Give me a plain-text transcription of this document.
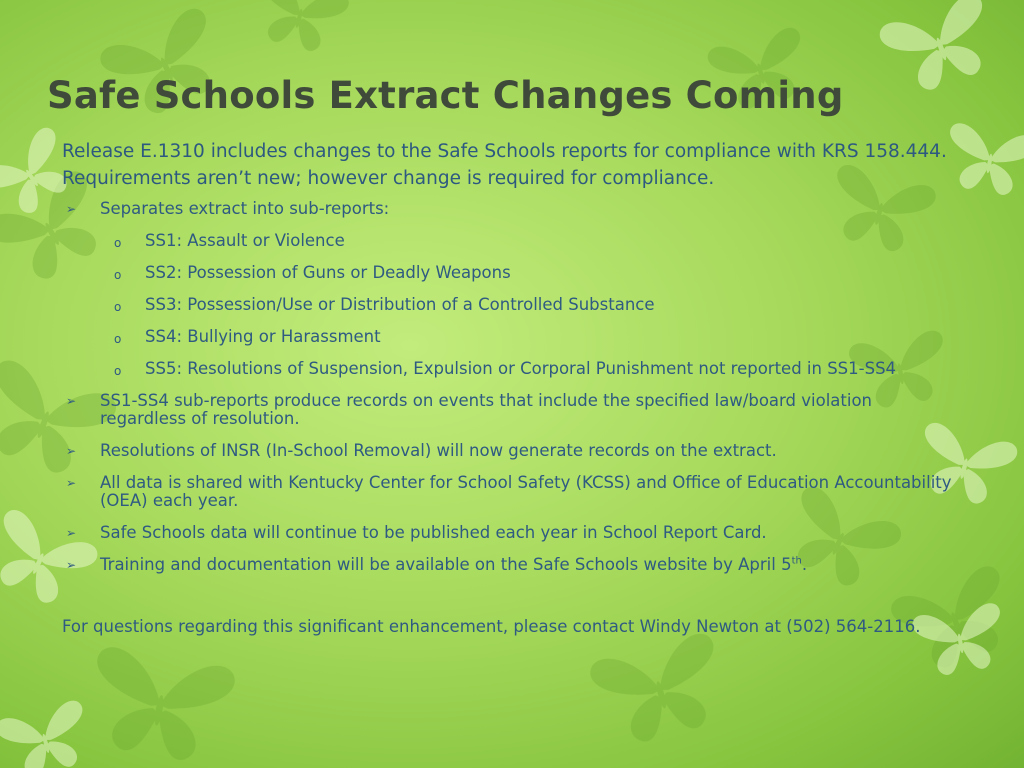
Safe Schools Extract Changes Coming

Release E.1310 includes changes to the Safe Schools reports for compliance with KRS 158.444. Requirements aren’t new; however change is required for compliance.

➢ Separates extract into sub-reports:
o SS1: Assault or Violence
o SS2: Possession of Guns or Deadly Weapons
o SS3: Possession/Use or Distribution of a Controlled Substance
o SS4: Bullying or Harassment
o SS5: Resolutions of Suspension, Expulsion or Corporal Punishment not reported in SS1-SS4
➢ SS1-SS4 sub-reports produce records on events that include the specified law/board violation regardless of resolution.
➢ Resolutions of INSR (In-School Removal) will now generate records on the extract.
➢ All data is shared with Kentucky Center for School Safety (KCSS) and Office of Education Accountability (OEA) each year.
➢ Safe Schools data will continue to be published each year in School Report Card.
➢ Training and documentation will be available on the Safe Schools website by April 5th.

For questions regarding this significant enhancement, please contact Windy Newton at (502) 564-2116.
